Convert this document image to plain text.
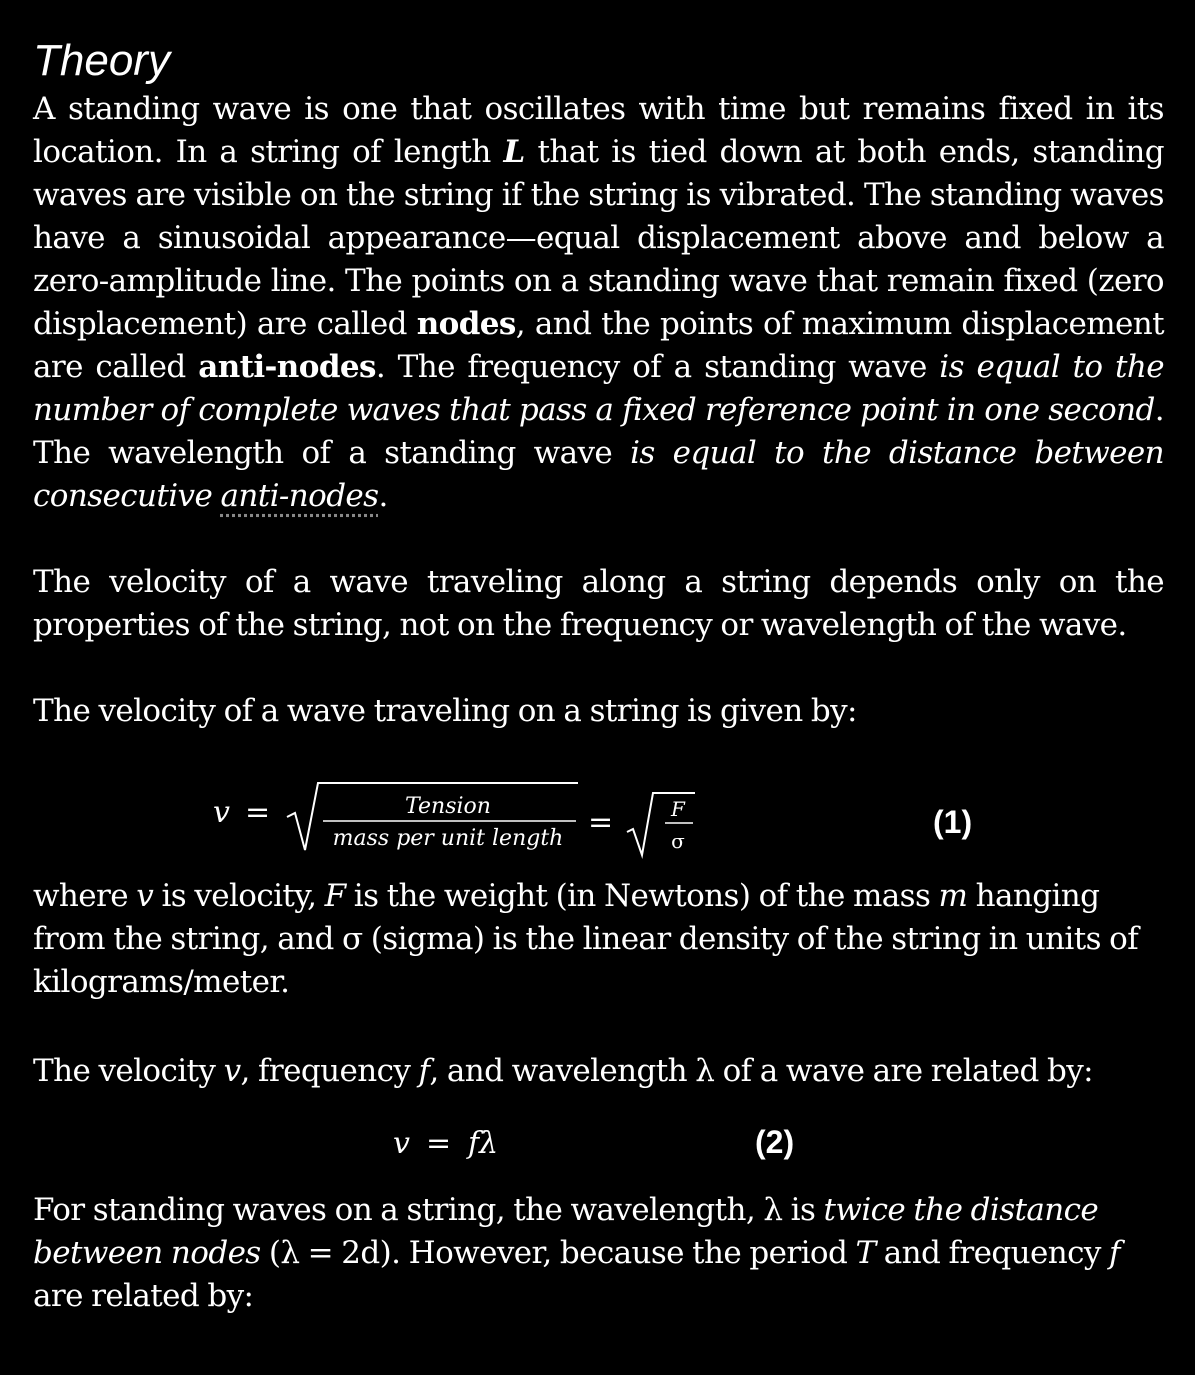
Theory

A standing wave is one that oscillates with time but remains fixed in its location. In a string of length L that is tied down at both ends, standing waves are visible on the string if the string is vibrated. The standing waves have a sinusoidal appearance—equal displacement above and below a zero-amplitude line. The points on a standing wave that remain fixed (zero displacement) are called nodes, and the points of maximum displacement are called anti-nodes. The frequency of a standing wave is equal to the number of complete waves that pass a fixed reference point in one second. The wavelength of a standing wave is equal to the distance between consecutive anti-nodes.

The velocity of a wave traveling along a string depends only on the properties of the string, not on the frequency or wavelength of the wave.

The velocity of a wave traveling on a string is given by:

v =	Tension
mass per unit length =	F
σ
(1)

where v is velocity, F is the weight (in Newtons) of the mass m hanging from the string, and σ (sigma) is the linear density of the string in units of kilograms/meter.

The velocity v, frequency f, and wavelength λ of a wave are related by:

v = fλ	(2)

For standing waves on a string, the wavelength, λ is twice the distance between nodes (λ = 2d). However, because the period T and frequency f are related by:
